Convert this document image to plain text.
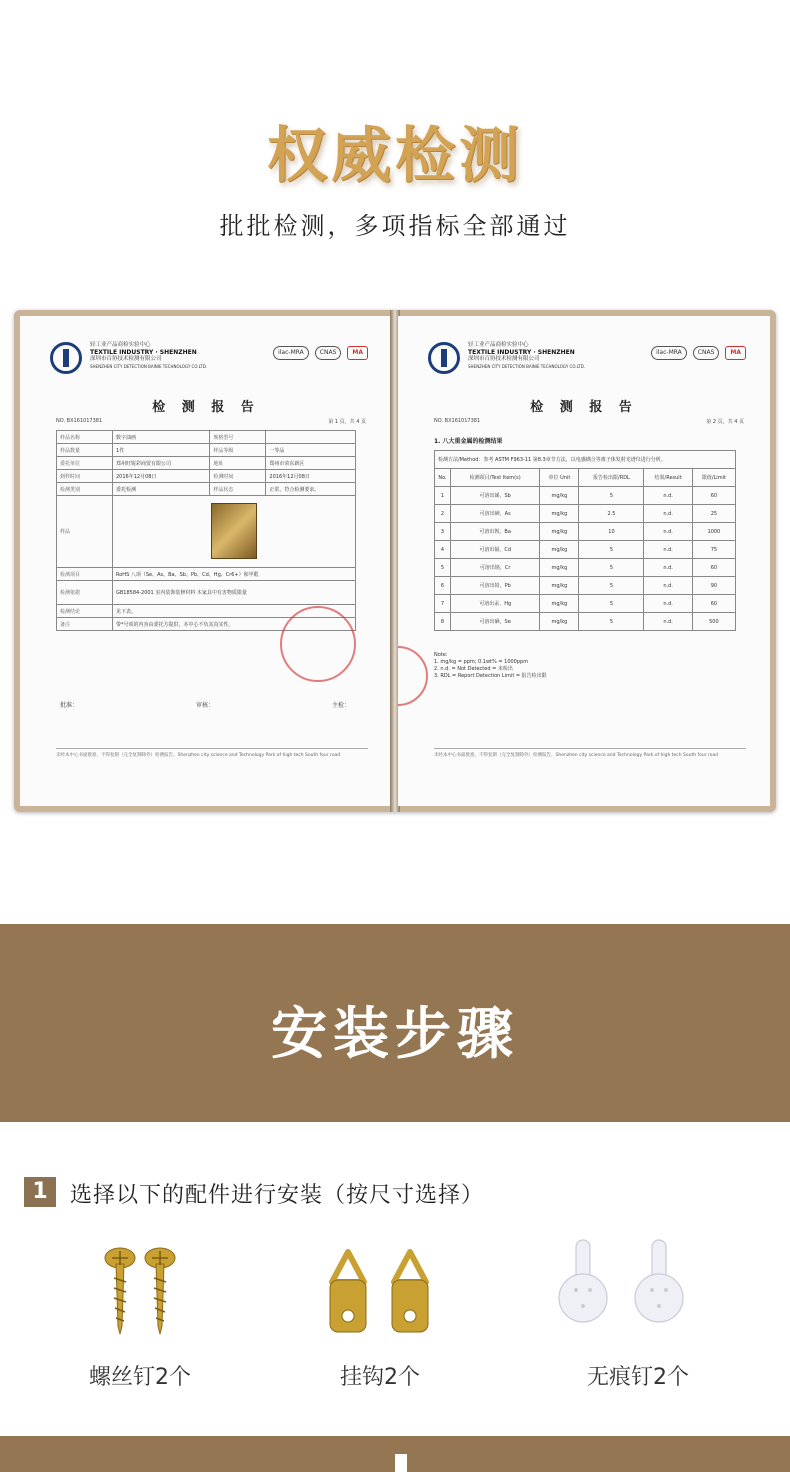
权威检测
批批检测，多项指标全部通过
轻工业产品商检实验中心
TEXTILE INDUSTRY · SHENZHEN
深圳市百协技术检测有限公司
SHENZHEN CITY DETECTION BAINIE TECHNOLOGY CO.LTD.
ilac-MRA	CNAS	MA
检 测 报 告
NO. BX161017381	第 1 页，共 4 页
样品名称	数字油画	规格型号	
样品数量	1件	样品等级	一等品
委托单位	郑州旺锐彩商贸有限公司	地址	郑州市荥东新区
到样时间	2016年12月08日	检测时间	2016年12月08日
检测类别	委托检测	样品状态	正常，符合检测要求。
样品			
检测项目	RoHS 八项（Se、As、Ba、Sb、Pb、Cd、Hg、Cr6+）和甲醛		
检测依据	GB18584-2001 室内装饰装修材料 木家具中有害物质限量		
检测结论	见下表。		
备注	带*号项的内容由委托方提供，本中心不负其真实性。		
批准：	审核：	主检：
未经本中心书面批准，不得复制（完全复制除外）检测报告。Shenzhen city science and Technology Park of high tech South four road
轻工业产品商检实验中心
TEXTILE INDUSTRY · SHENZHEN
深圳市百协技术检测有限公司
SHENZHEN CITY DETECTION BAINIE TECHNOLOGY CO.LTD.
ilac-MRA	CNAS	MA
检 测 报 告
NO. BX161017381	第 2 页，共 4 页
1. 八大重金属的检测结果
检测方法/Method：参考 ASTM F963-11 第8.3章节方法，以电感耦合等离子体发射光谱仪进行分析。					
No.	检测项目/Test Item(s)	单位 Unit	报告检出限/RDL	结果/Result	限值/Limit
1	可溶出锑，Sb	mg/kg	5	n.d.	60
2	可溶出砷，As	mg/kg	2.5	n.d.	25
3	可溶出钡，Ba	mg/kg	10	n.d.	1000
4	可溶出镉，Cd	mg/kg	5	n.d.	75
5	可溶出铬，Cr	mg/kg	5	n.d.	60
6	可溶出铅，Pb	mg/kg	5	n.d.	90
7	可溶出汞，Hg	mg/kg	5	n.d.	60
8	可溶出硒，Se	mg/kg	5	n.d.	500
Note:
1. mg/kg = ppm; 0.1wt% = 1000ppm
2. n.d. = Not Detected = 未检出
3. RDL = Report Detection Limit = 报告检出限
未经本中心书面批准，不得复制（完全复制除外）检测报告。Shenzhen city science and Technology Park of high tech South four road
安装步骤
1	选择以下的配件进行安装（按尺寸选择）
螺丝钉2个	挂钩2个	无痕钉2个
